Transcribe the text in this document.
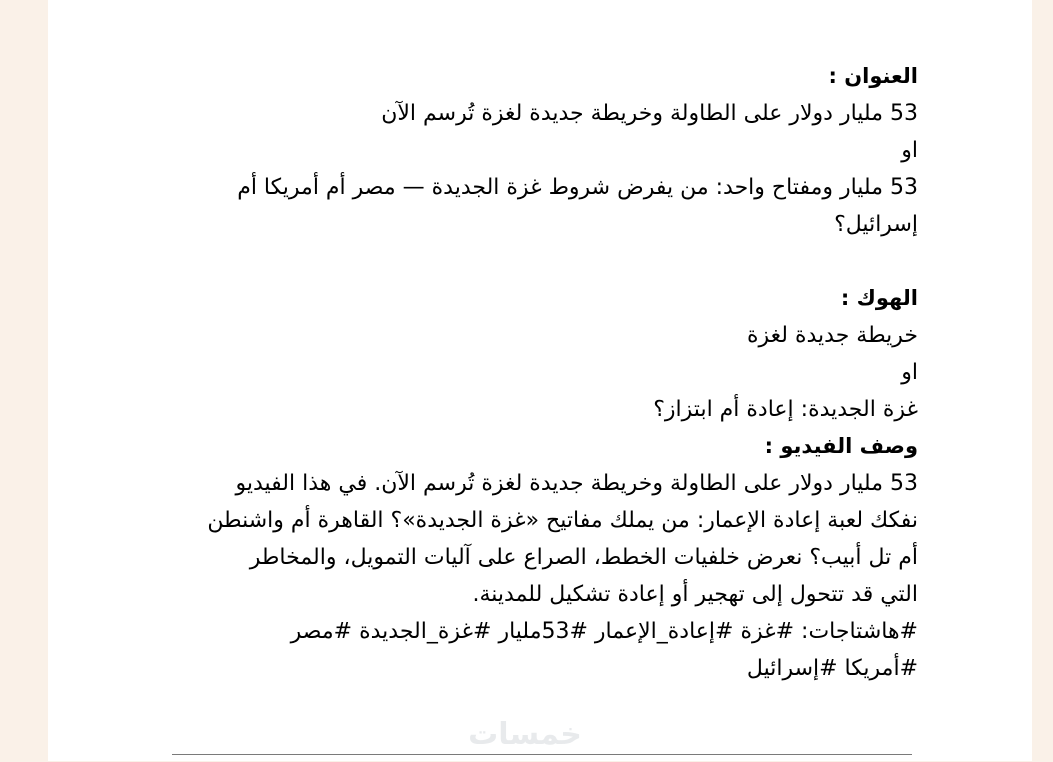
العنوان :
53 مليار دولار على الطاولة وخريطة جديدة لغزة تُرسم الآن
او
53 مليار ومفتاح واحد: من يفرض شروط غزة الجديدة — مصر أم أمريكا أم
إسرائيل؟
الهوك :
خريطة جديدة لغزة
او
غزة الجديدة: إعادة أم ابتزاز؟
وصف الفيديو :
53 مليار دولار على الطاولة وخريطة جديدة لغزة تُرسم الآن. في هذا الفيديو
نفكك لعبة إعادة الإعمار: من يملك مفاتيح «غزة الجديدة»؟ القاهرة أم واشنطن
أم تل أبيب؟ نعرض خلفيات الخطط، الصراع على آليات التمويل، والمخاطر
التي قد تتحول إلى تهجير أو إعادة تشكيل للمدينة.
#هاشتاجات: #غزة #إعادة_الإعمار #53مليار #غزة_الجديدة #مصر
#أمريكا #إسرائيل
خمسات
